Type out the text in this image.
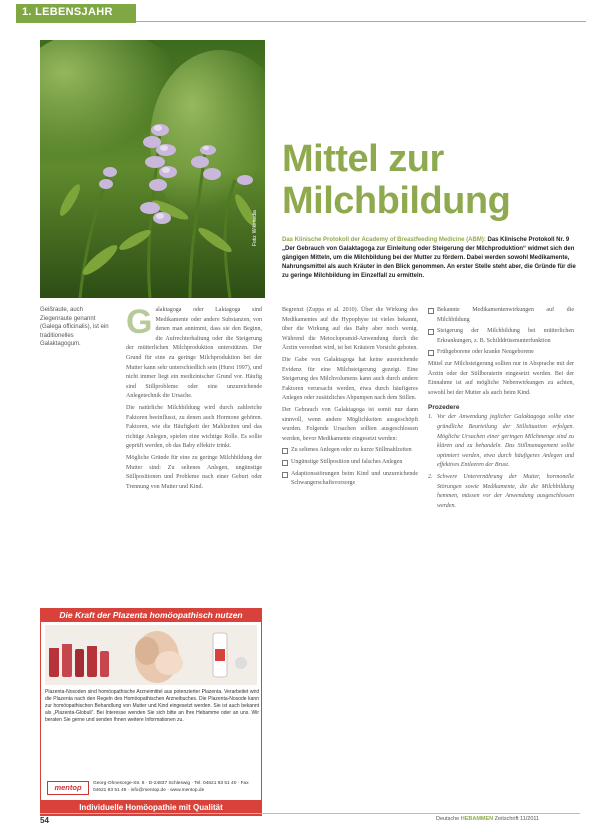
1. LEBENSJAHR
Foto: Wikimedia
Geißraute, auch Ziegenraute genannt (Galega officinalis), ist ein traditionelles Galaktagogum.
Mittel zur
Milchbildung
Das Klinische Protokoll der Academy of Breastfeeding Medicine (ABM): Das Klinische Protokoll Nr. 9 „Der Gebrauch von Galaktagoga zur Einleitung oder Steigerung der Milchproduktion“ widmet sich den gängigen Mitteln, um die Milchbildung bei der Mutter zu fördern. Dabei werden sowohl Medikamente, Nahrungsmittel als auch Kräuter in den Blick genommen. An erster Stelle steht aber, die Gründe für die zu geringe Milchbildung im Einzelfall zu ermitteln.

Galaktagoga oder Laktagoga sind Medikamente oder andere Substanzen, von denen man annimmt, dass sie den Beginn, die Aufrechterhaltung oder die Steigerung der mütterlichen Milchproduktion unterstützen. Der Grund für eine zu geringe Milchproduktion bei der Mutter kann sehr unterschiedlich sein (Hurst 1997), und nicht immer liegt ein medizinischer Grund vor. Häufig sind Stillprobleme oder eine unzureichende Anlegetechnik die Ursache.

Die natürliche Milchbildung wird durch zahlreiche Faktoren beeinflusst, zu denen auch Hormone gehören. Faktoren, wie die Häufigkeit der Mahlzeiten und das richtige Anlegen, spielen eine wichtige Rolle. Es sollte geprüft werden, ob das Baby effektiv trinkt.

Mögliche Gründe für eine zu geringe Milchbildung der Mutter sind: Zu seltenes Anlegen, ungünstige Stillpositionen und Probleme nach einer Geburt oder Trennung von Mutter und Kind.

Begrenzt (Zuppa et al. 2010). Über die Wirkung des Medikamentes auf die Hypophyse ist vieles bekannt, über die Wirkung auf das Baby aber noch wenig. Während die Metoclopramid-Anwendung durch die Ärztin verordnet wird, ist bei Kräutern Vorsicht geboten.

Die Gabe von Galaktagoga hat keine ausreichende Evidenz für eine Milchsteigerung gezeigt. Eine Steigerung des Milchvolumens kann auch durch andere Faktoren verursacht werden, etwa durch häufigeres Anlegen oder zusätzliches Abpumpen nach dem Stillen.

Der Gebrauch von Galaktagoga ist somit nur dann sinnvoll, wenn andere Möglichkeiten ausgeschöpft wurden. Folgende Ursachen sollten ausgeschlossen werden, bevor Medikamente eingesetzt werden:

Zu seltenes Anlegen oder zu kurze Stillmahlzeiten
Ungünstige Stillposition und falsches Anlegen
Adaptionsstörungen beim Kind und unzureichende Schwangerschaftsvorsorge
Bekannte Medikamentenwirkungen auf die Milchbildung
Steigerung der Milchbildung bei mütterlichen Erkrankungen, z. B. Schilddrüsenunterfunktion
Frühgeborene oder kranke Neugeborene

Mittel zur Milchsteigerung sollten nur in Absprache mit der Ärztin oder der Stillberaterin eingesetzt werden. Bei der Einnahme ist auf mögliche Nebenwirkungen zu achten, sowohl bei der Mutter als auch beim Kind.

Prozedere
1. Vor der Anwendung jeglicher Galaktagoga sollte eine gründliche Beurteilung der Stillsituation erfolgen. Mögliche Ursachen einer geringen Milchmenge sind zu klären und zu behandeln. Das Stillmanagement sollte optimiert werden, etwa durch häufigeres Anlegen und effektives Entleeren der Brust.
2. Schwere Unterernährung der Mutter, hormonelle Störungen sowie Medikamente, die die Milchbildung hemmen, müssen vor der Anwendung ausgeschlossen werden.
Die Kraft der Plazenta homöopathisch nutzen
Plazenta-Nosoden sind homöopathische Arzneimittel aus potenzierter Plazenta. Verarbeitet wird die Plazenta nach den Regeln des Homöopathischen Arzneibuches. Die Plazenta-Nosode kann zur homöopathischen Behandlung von Mutter und Kind eingesetzt werden. Sie ist auch bekannt als „Plazenta-Globuli“. Bei Interesse wenden Sie sich bitte an Ihre Hebamme oder an uns. Wir beraten Sie gerne und senden Ihnen weitere Informationen zu.
mentop	Georg-Ohnesorge-Str. 8 · D-24837 Schleswig · Tel. 04621 93 51 40 · Fax 04621 93 51 49 · info@mentop.de · www.mentop.de
Individuelle Homöopathie mit Qualität
54	Deutsche HEBAMMEN Zeitschrift 11/2011
